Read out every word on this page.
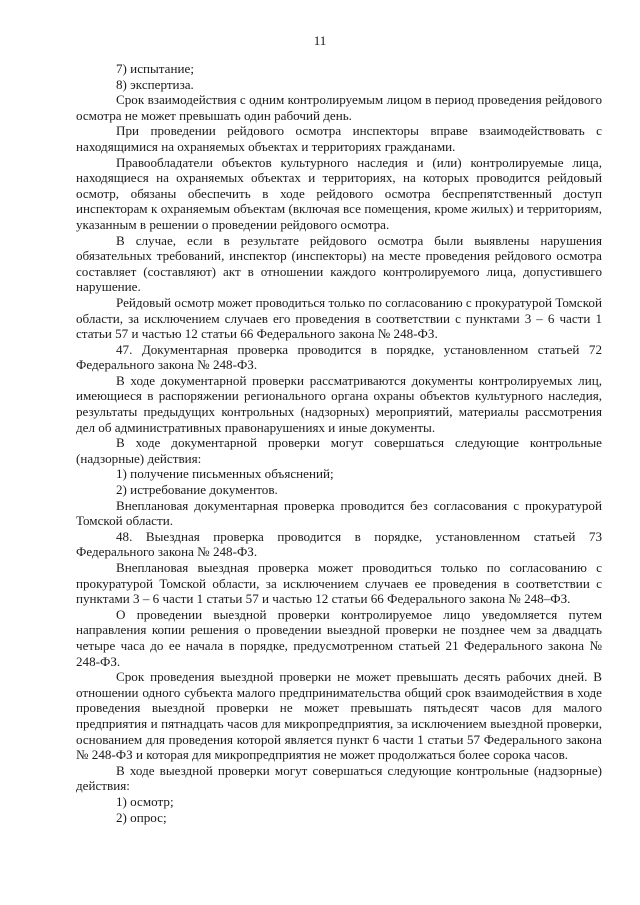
11

7) испытание;

8) экспертиза.

Срок взаимодействия с одним контролируемым лицом в период проведения рейдового осмотра не может превышать один рабочий день.

При проведении рейдового осмотра инспекторы вправе взаимодействовать с находящимися на охраняемых объектах и территориях гражданами.

Правообладатели объектов культурного наследия и (или) контролируемые лица, находящиеся на охраняемых объектах и территориях, на которых проводится рейдовый осмотр, обязаны обеспечить в ходе рейдового осмотра беспрепятственный доступ инспекторам к охраняемым объектам (включая все помещения, кроме жилых) и территориям, указанным в решении о проведении рейдового осмотра.

В случае, если в результате рейдового осмотра были выявлены нарушения обязательных требований, инспектор (инспекторы) на месте проведения рейдового осмотра составляет (составляют) акт в отношении каждого контролируемого лица, допустившего нарушение.

Рейдовый осмотр может проводиться только по согласованию с прокуратурой Томской области, за исключением случаев его проведения в соответствии с пунктами 3 – 6 части 1 статьи 57 и частью 12 статьи 66 Федерального закона № 248-ФЗ.

47. Документарная проверка проводится в порядке, установленном статьей 72 Федерального закона № 248-ФЗ.

В ходе документарной проверки рассматриваются документы контролируемых лиц, имеющиеся в распоряжении регионального органа охраны объектов культурного наследия, результаты предыдущих контрольных (надзорных) мероприятий, материалы рассмотрения дел об административных правонарушениях и иные документы.

В ходе документарной проверки могут совершаться следующие контрольные (надзорные) действия:

1) получение письменных объяснений;

2) истребование документов.

Внеплановая документарная проверка проводится без согласования с прокуратурой Томской области.

48. Выездная проверка проводится в порядке, установленном статьей 73 Федерального закона № 248-ФЗ.

Внеплановая выездная проверка может проводиться только по согласованию с прокуратурой Томской области, за исключением случаев ее проведения в соответствии с пунктами 3 – 6 части 1 статьи 57 и частью 12 статьи 66 Федерального закона № 248–ФЗ.

О проведении выездной проверки контролируемое лицо уведомляется путем направления копии решения о проведении выездной проверки не позднее чем за двадцать четыре часа до ее начала в порядке, предусмотренном статьей 21 Федерального закона № 248-ФЗ.

Срок проведения выездной проверки не может превышать десять рабочих дней. В отношении одного субъекта малого предпринимательства общий срок взаимодействия в ходе проведения выездной проверки не может превышать пятьдесят часов для малого предприятия и пятнадцать часов для микропредприятия, за исключением выездной проверки, основанием для проведения которой является пункт 6 части 1 статьи 57 Федерального закона № 248-ФЗ и которая для микропредприятия не может продолжаться более сорока часов.

В ходе выездной проверки могут совершаться следующие контрольные (надзорные) действия:

1) осмотр;

2) опрос;
